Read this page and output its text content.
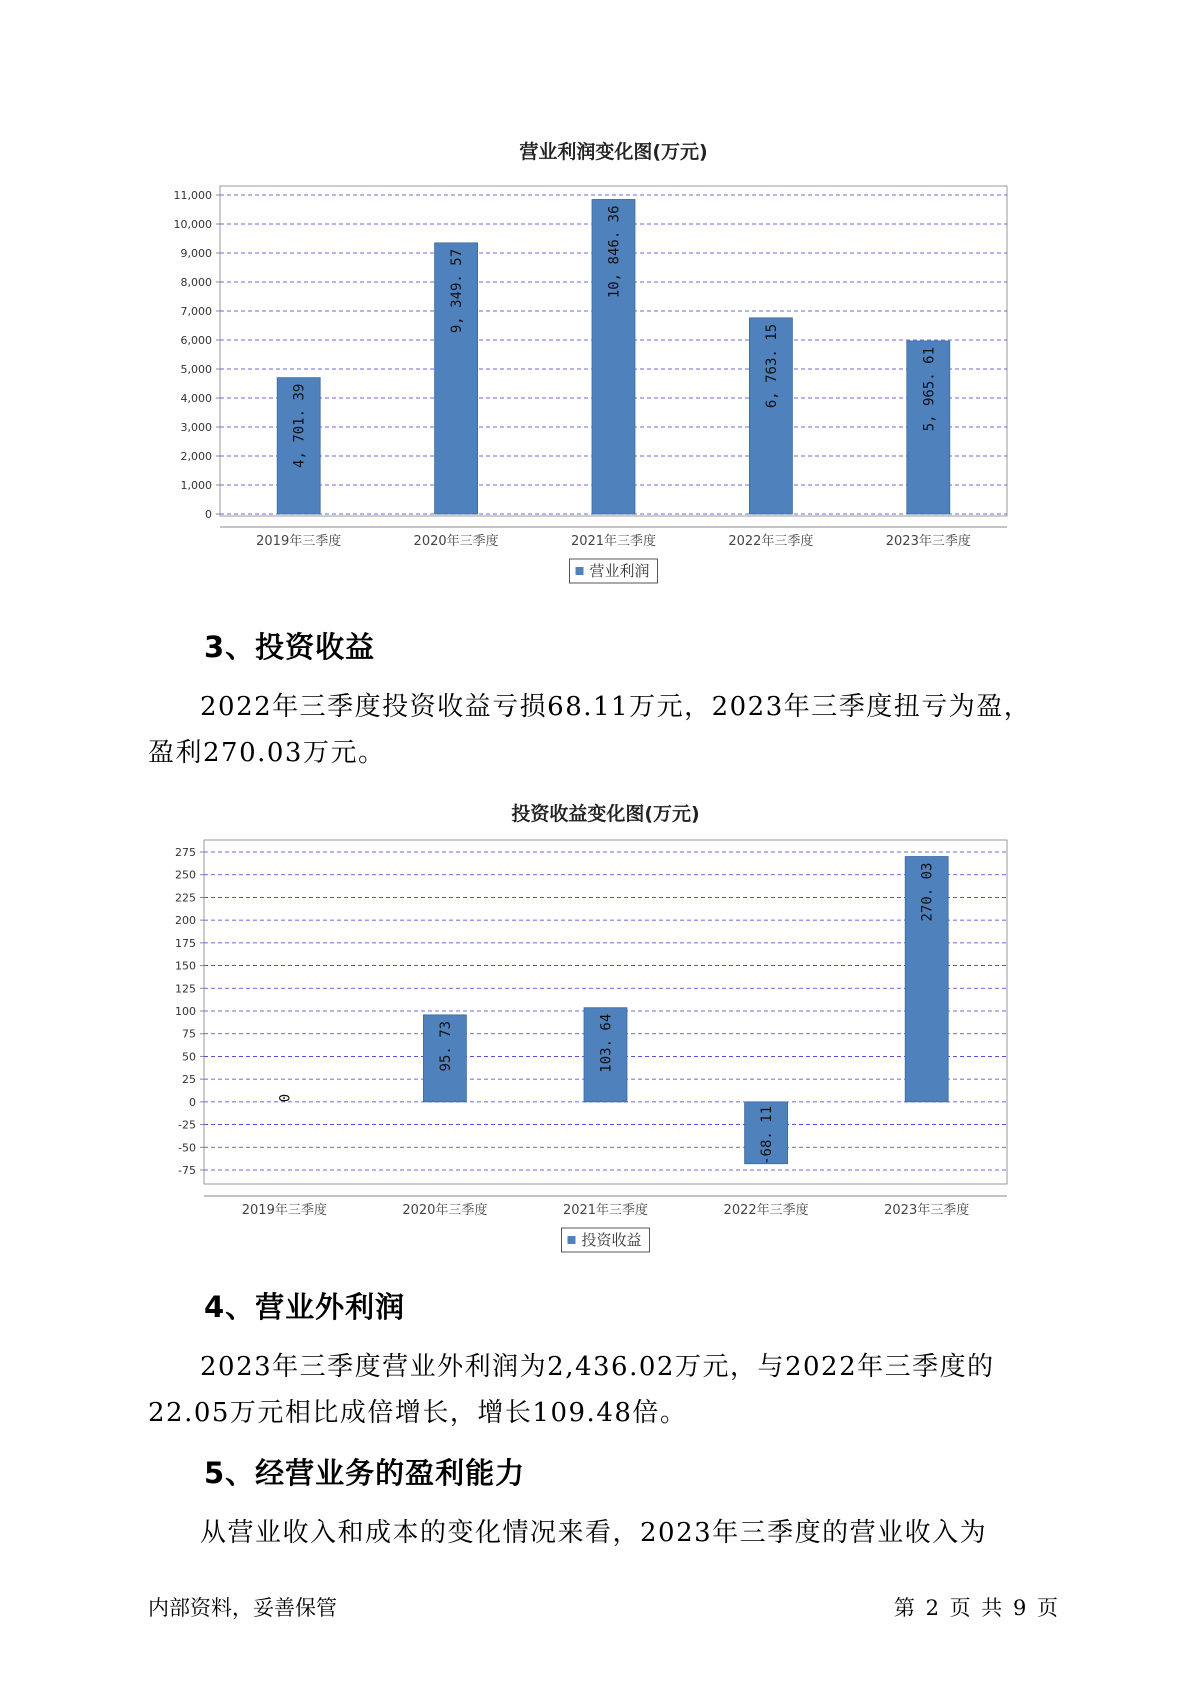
营业利润变化图(万元)
0
1,000
2,000
3,000
4,000
5,000
6,000
7,000
8,000
9,000
10,000
11,000
4, 701. 39
2019年三季度
9, 349. 57
2020年三季度
10, 846. 36
2021年三季度
6, 763. 15
2022年三季度
5, 965. 61
2023年三季度
营业利润
3、投资收益

2022年三季度投资收益亏损68.11万元，2023年三季度扭亏为盈，盈利270.03万元。

投资收益变化图(万元)
-75
-50
-25
0
25
50
75
100
125
150
175
200
225
250
275
0
2019年三季度
95. 73
2020年三季度
103. 64
2021年三季度
-68. 11
2022年三季度
270. 03
2023年三季度
投资收益
4、营业外利润

2023年三季度营业外利润为2,436.02万元，与2022年三季度的22.05万元相比成倍增长，增长109.48倍。

5、经营业务的盈利能力

从营业收入和成本的变化情况来看，2023年三季度的营业收入为

内部资料，妥善保管	第 2 页 共 9 页
